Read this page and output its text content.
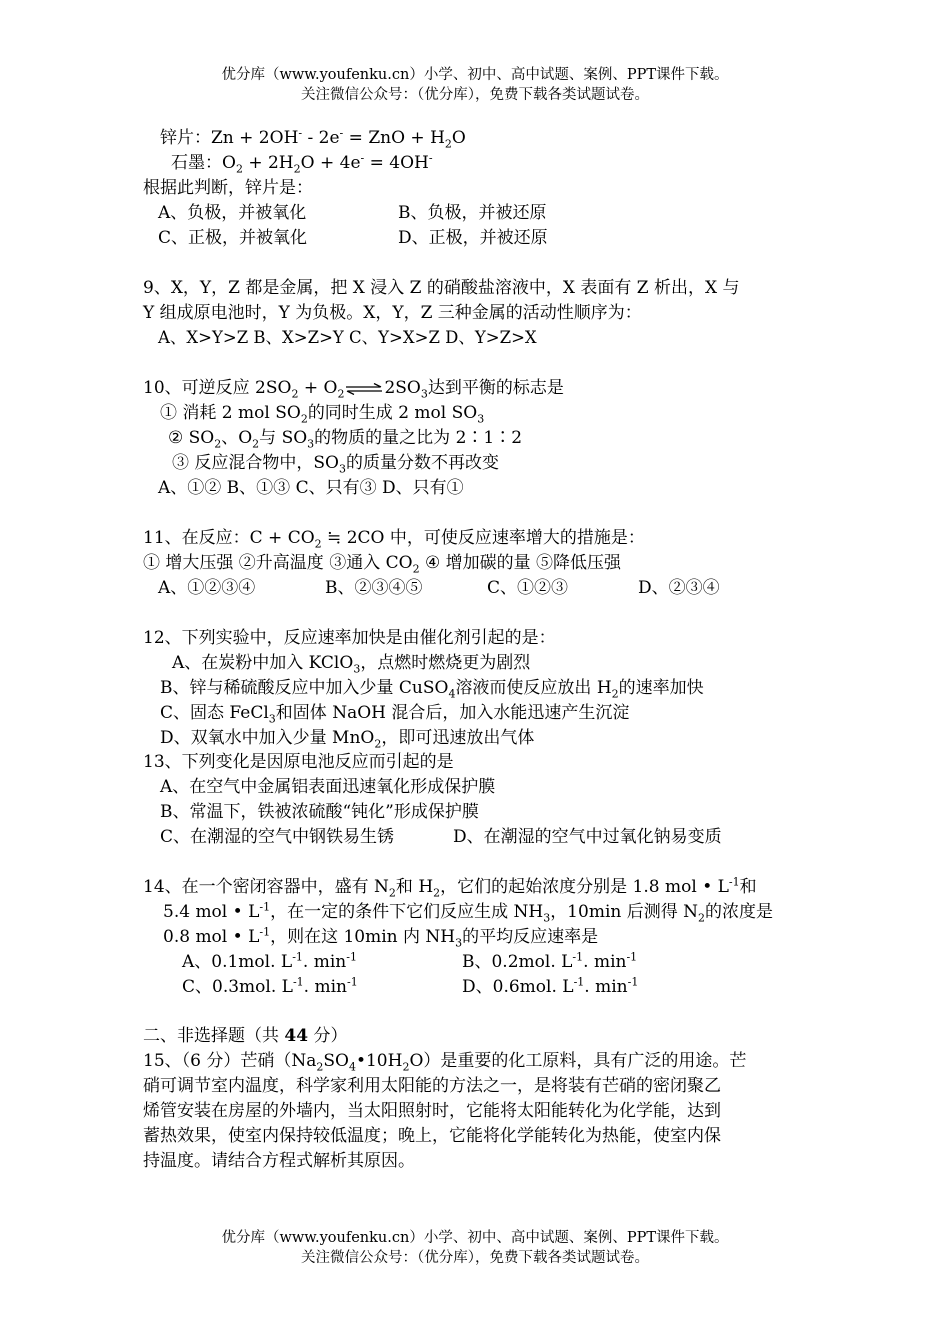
优分库（www.youfenku.cn）小学、初中、高中试题、案例、PPT课件下载。
关注微信公众号：（优分库），免费下载各类试题试卷。
锌片：Zn + 2OH- - 2e- = ZnO + $H_2O$
石墨：$O_2 + 2H_2O + 4e^- = 4OH^-$
根据此判断，锌片是：
A、负极，并被氧化	B、负极，并被还原
C、正极，并被氧化	D、正极，并被还原
9、X，Y，Z 都是金属，把 X 浸入 Z 的硝酸盐溶液中，X 表面有 Z 析出，X 与
Y 组成原电池时，Y 为负极。X，Y，Z 三种金属的活动性顺序为：
A、X>Y>Z B、X>Z>Y C、Y>X>Z D、Y>Z>X
10、可逆反应 $2SO_2$ + $O_2\rightleftharpoons 2SO_3$达到平衡的标志是
① 消耗 2 mol $SO_2$的同时生成 2 mol $SO_3$
② $SO_2$、$O_2$与 $SO_3$的物质的量之比为 2∶1∶2
③ 反应混合物中，$SO_3$的质量分数不再改变
A、①② B、①③ C、只有③ D、只有①
11、在反应：$C + CO_2$ ≒ 2CO 中，可使反应速率增大的措施是：
① 增大压强 ②升高温度 ③通入 $CO_2$ ④ 增加碳的量 ⑤降低压强
A、①②③④	B、②③④⑤	C、①②③	D、②③④
12、下列实验中，反应速率加快是由催化剂引起的是：
A、在炭粉中加入 KClO$_3$，点燃时燃烧更为剧烈
B、锌与稀硫酸反应中加入少量 CuSO$_4$溶液而使反应放出 $H_2$的速率加快
C、固态 FeCl$_3$和固体 NaOH 混合后，加入水能迅速产生沉淀
D、双氧水中加入少量 MnO$_2$，即可迅速放出气体
13、下列变化是因原电池反应而引起的是
A、在空气中金属铝表面迅速氧化形成保护膜
B、常温下，铁被浓硫酸“钝化”形成保护膜
C、在潮湿的空气中钢铁易生锈	D、在潮湿的空气中过氧化钠易变质
14、在一个密闭容器中，盛有 $N_2$和 $H_2$，它们的起始浓度分别是 1.8 mol • $L^{-1}$和
5.4 mol • $L^{-1}$，在一定的条件下它们反应生成 $NH_3$，10min 后测得 $N_2$的浓度是
0.8 mol • $L^{-1}$，则在这 10min 内 $NH_3$的平均反应速率是
A、0.1mol. $L^{-1}$. $\min^{-1}$	B、0.2mol. $L^{-1}$. $\min^{-1}$
C、0.3mol. $L^{-1}$. $\min^{-1}$	D、0.6mol. $L^{-1}$. $\min^{-1}$
二、非选择题（共 44 分）
15、（6 分）芒硝$(Na_2SO_4•10H_2O)$是重要的化工原料，具有广泛的用途。芒
硝可调节室内温度，科学家利用太阳能的方法之一，是将装有芒硝的密闭聚乙
烯管安装在房屋的外墙内，当太阳照射时，它能将太阳能转化为化学能，达到
蓄热效果，使室内保持较低温度；晚上，它能将化学能转化为热能，使室内保
持温度。请结合方程式解析其原因。
优分库（www.youfenku.cn）小学、初中、高中试题、案例、PPT课件下载。
关注微信公众号：（优分库），免费下载各类试题试卷。
